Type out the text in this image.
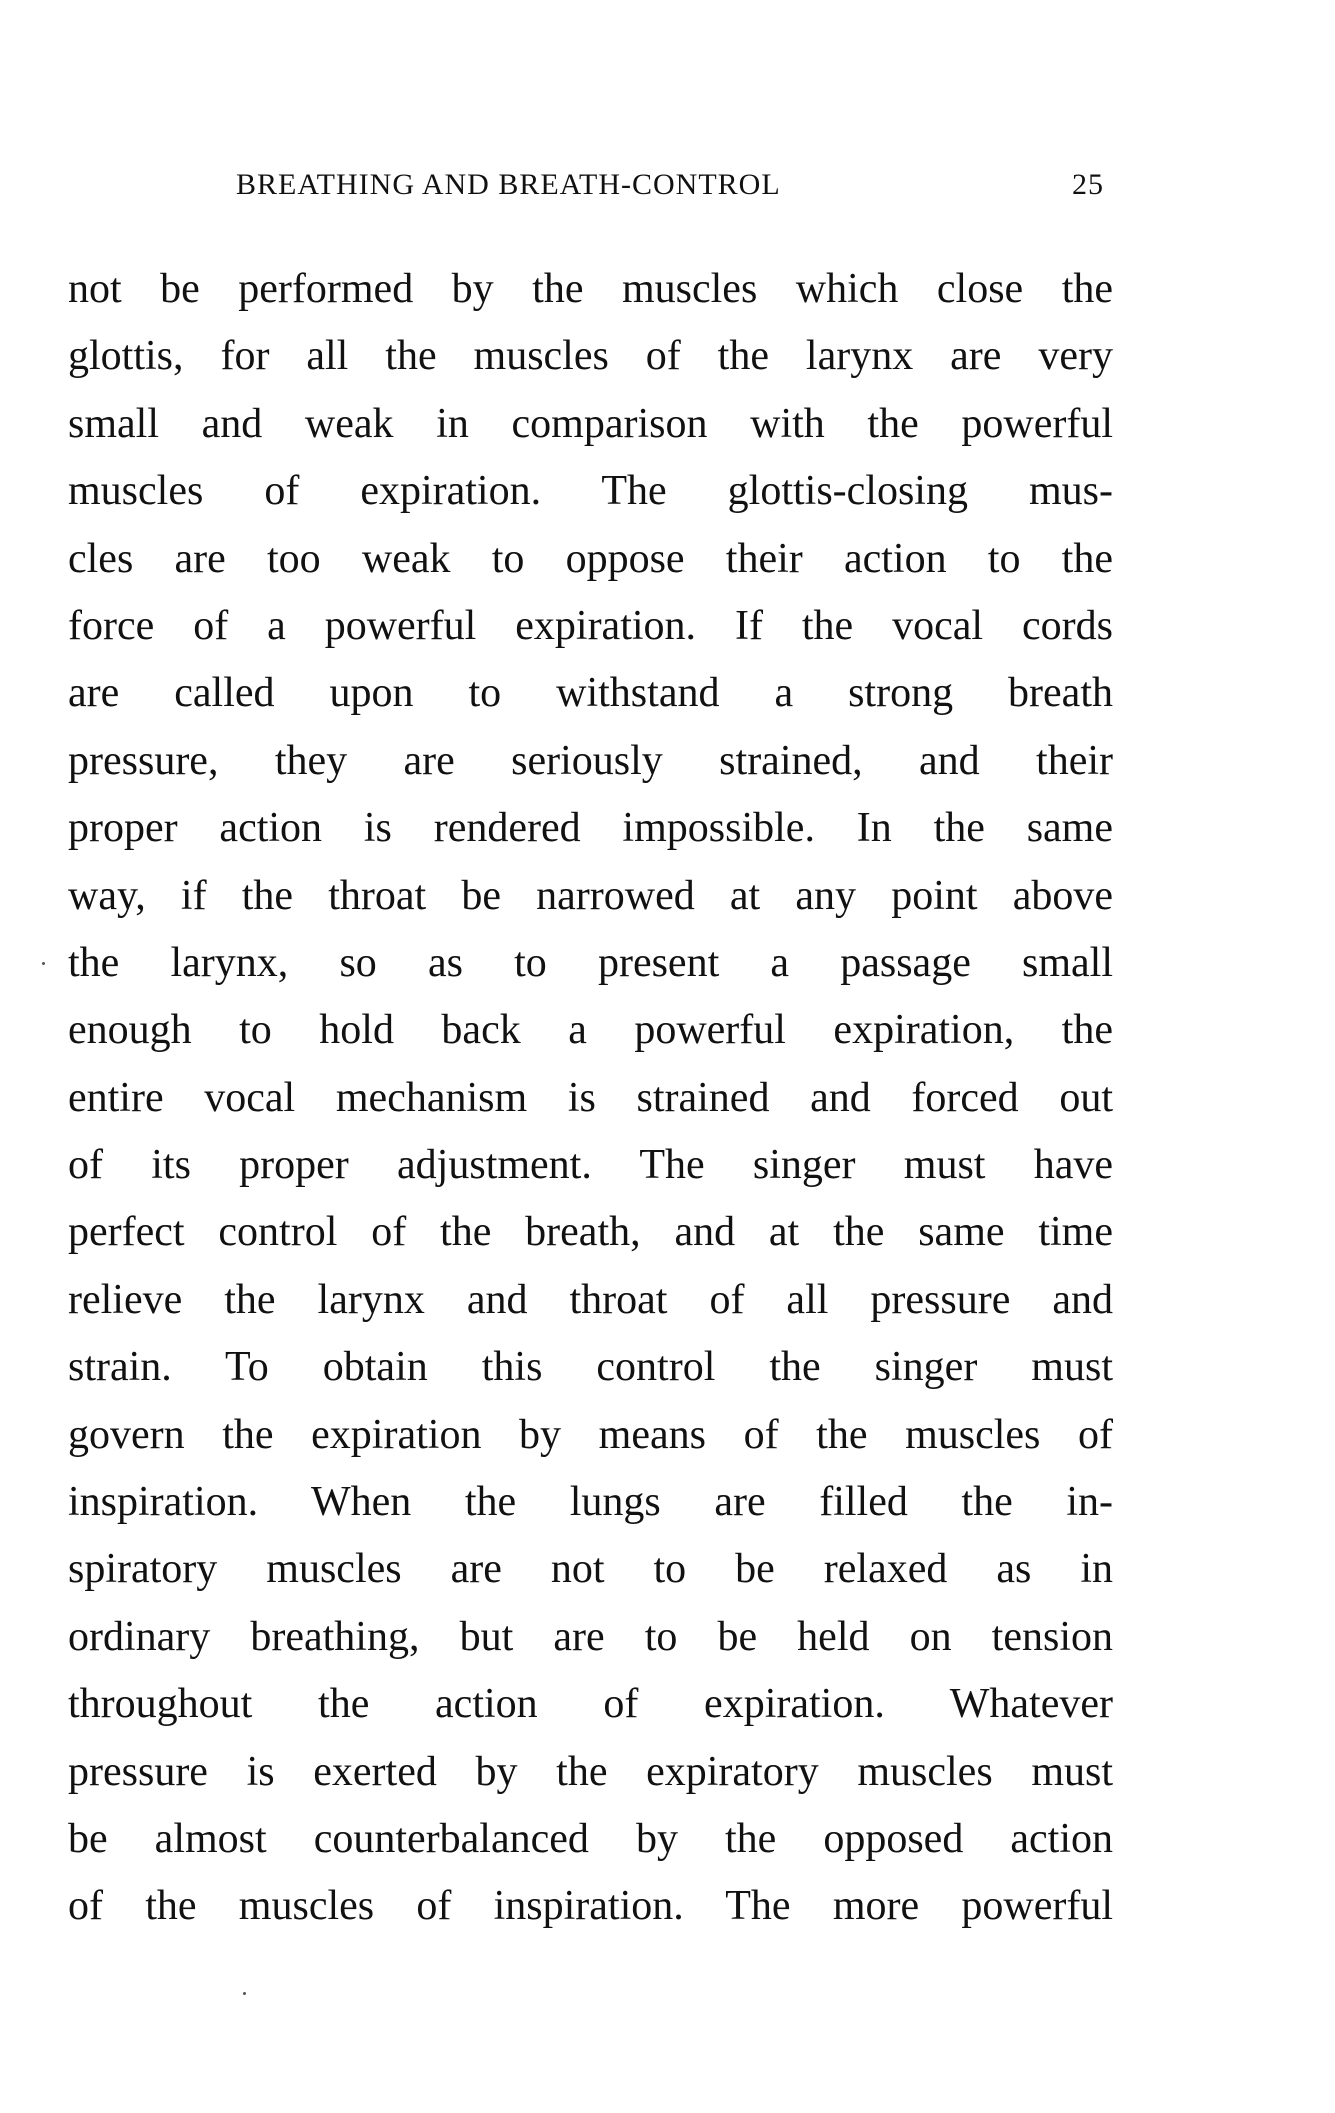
BREATHING AND BREATH-CONTROL	25
not be performed by the muscles which close the
glottis, for all the muscles of the larynx are very
small and weak in comparison with the powerful
muscles of expiration. The glottis-closing mus-
cles are too weak to oppose their action to the
force of a powerful expiration. If the vocal cords
are called upon to withstand a strong breath
pressure, they are seriously strained, and their
proper action is rendered impossible. In the same
way, if the throat be narrowed at any point above
the larynx, so as to present a passage small
enough to hold back a powerful expiration, the
entire vocal mechanism is strained and forced out
of its proper adjustment. The singer must have
perfect control of the breath, and at the same time
relieve the larynx and throat of all pressure and
strain. To obtain this control the singer must
govern the expiration by means of the muscles of
inspiration. When the lungs are filled the in-
spiratory muscles are not to be relaxed as in
ordinary breathing, but are to be held on tension
throughout the action of expiration. Whatever
pressure is exerted by the expiratory muscles must
be almost counterbalanced by the opposed action
of the muscles of inspiration. The more powerful
